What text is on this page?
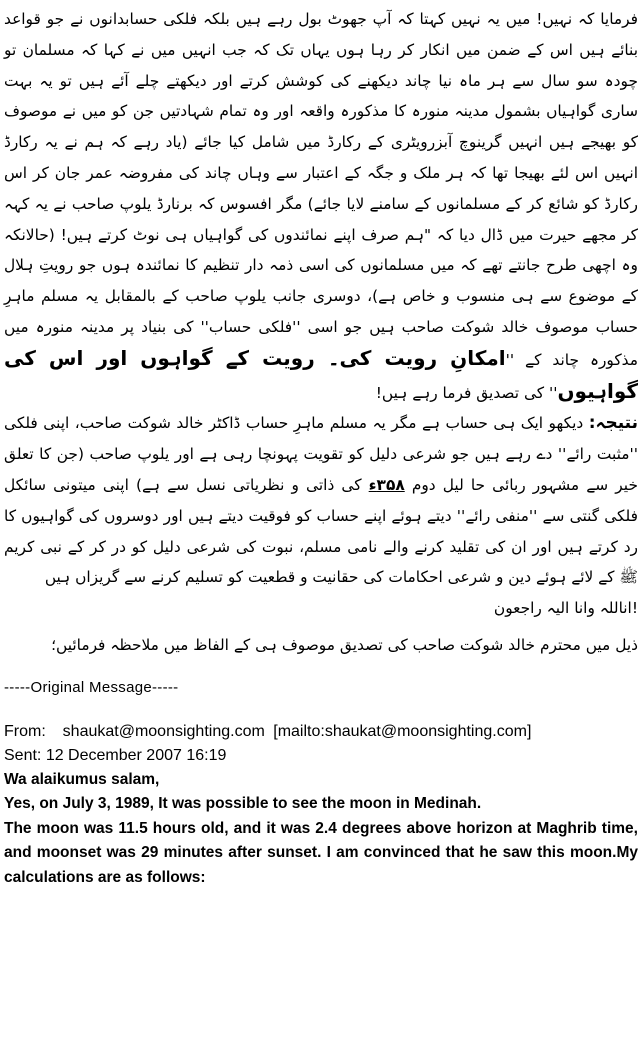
فرمایا کہ نہیں! میں یہ نہیں کہتا کہ آپ جھوٹ بول رہے ہیں بلکہ فلکی حسابدانوں نے جو قواعد بنائے ہیں اس کے ضمن میں انکار کر رہا ہوں یہاں تک کہ جب انہیں میں نے کہا کہ مسلمان تو چودہ سو سال سے ہر ماہ نیا چاند دیکھنے کی کوشش کرتے اور دیکھتے چلے آئے ہیں تو یہ بہت ساری گواہیاں بشمول مدینہ منورہ کا مذکورہ واقعہ اور وہ تمام شہادتیں جن کو میں نے موصوف کو بھیجے ہیں انہیں گرینوچ آبزرویٹری کے رکارڈ میں شامل کیا جائے (یاد رہے کہ ہم نے یہ رکارڈ انہیں اس لئے بھیجا تھا کہ ہر ملک و جگہ کے اعتبار سے وہاں چاند کی مفروضہ عمر جان کر اس رکارڈ کو شائع کر کے مسلمانوں کے سامنے لایا جائے) مگر افسوس کہ برنارڈ یلوپ صاحب نے یہ کہہ کر مجھے حیرت میں ڈال دیا کہ "ہم صرف اپنے نمائندوں کی گواہیاں ہی نوٹ کرتے ہیں! (حالانکہ وہ اچھی طرح جانتے تھے کہ میں مسلمانوں کی اسی ذمہ دار تنظیم کا نمائندہ ہوں جو رویتِ ہلال کے موضوع سے ہی منسوب و خاص ہے)، دوسری جانب یلوپ صاحب کے بالمقابل یہ مسلم ماہرِ حساب موصوف خالد شوکت صاحب ہیں جو اسی ''فلکی حساب'' کی بنیاد پر مدینہ منورہ میں مذکورہ چاند کے ''امکانِ رویت کی۔ رویت کے گواہوں اور اس کی گواہیوں'' کی تصدیق فرما رہے ہیں!

نتیجہ: دیکھو ایک ہی حساب ہے مگر یہ مسلم ماہرِ حساب ڈاکٹر خالد شوکت صاحب، اپنی فلکی ''مثبت رائے'' دے رہے ہیں جو شرعی دلیل کو تقویت پہونچا رہی ہے اور یلوپ صاحب (جن کا تعلق خیر سے مشہور ربائی حا لیل دوم ۳۵۸ء کی ذاتی و نظریاتی نسل سے ہے) اپنی میتونی سائکل فلکی گنتی سے ''منفی رائے'' دیتے ہوئے اپنے حساب کو فوقیت دیتے ہیں اور دوسروں کی گواہیوں کا رد کرتے ہیں اور ان کی تقلید کرنے والے نامی مسلم، نبوت کی شرعی دلیل کو در کر کے نبی کریم ﷺ کے لائے ہوئے دین و شرعی احکامات کی حقانیت و قطعیت کو تسلیم کرنے سے گریزاں ہیں

!اناللہ وانا الیہ راجعون

ذیل میں محترم خالد شوکت صاحب کی تصدیق موصوف ہی کے الفاظ میں ملاحظہ فرمائیں؛

-----Original Message-----

From: shaukat@moonsighting.com [mailto:shaukat@moonsighting.com]

Sent: 12 December 2007 16:19

Wa alaikumus salam,

Yes, on July 3, 1989, It was possible to see the moon in Medinah.

The moon was 11.5 hours old, and it was 2.4 degrees above horizon at Maghrib time, and moonset was 29 minutes after sunset. I am convinced that he saw this moon.My calculations are as follows:
